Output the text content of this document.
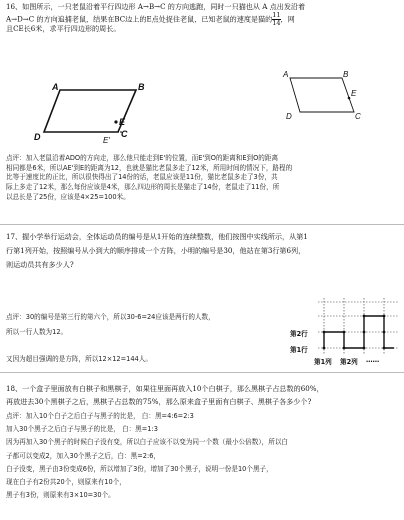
16、如图所示，一只老鼠沿着平行四边形 A→B→C 的方向逃跑，同时一只猫也从 A 点出发沿着
A→D→C 的方向追捕老鼠，结果在BC边上的E点处捉住老鼠，已知老鼠的速度是猫的 $\frac{11}{14}$ ，网
且CE长6米，求平行四边形的周长。

A	B
E
C
D	E'
A	B
E
D	C

点评：加入老鼠沿着ADO的方向走，那么他只能走到E'的位置，而E'到O的距离和E到O的距离
相同都是6米，所以AE'到E的距离为12，也就是猫比老鼠多走了12米，所用时间的情况下，路程的
比等于速度比的正比，所以很快得出了14份的话，老鼠应该是11份，猫比老鼠多走了3份，共
际上多走了12米，那么每份应该是4米，那么四边形的周长是猫走了14份，老鼠走了11份，所
以总长是了25份，应该是4×25=100米。

17、握小学举行运动会，全体运动员的编号是从1开始的连续整数，他们按图中实线所示，从第1
行第1列开始，按照编号从小到大的顺序排成一个方阵，小明的编号是30，他站在第3行第6列，
则运动员共有多少人?

点评：30的编号是第三行的第六个，所以30-6=24应该是两行的人数，
所以一行人数为12。
又因为超目强调的是方阵，所以12×12=144人。

第2行
第1行
第1列 第2列 ……

18、一个盒子里面放有白棋子和黑棋子，如果往里面再放入10个白棋子，那么黑棋子占总数的60%，
再放进去30个黑棋子之后，黑棋子占总数的75%，那么原来盒子里面有白棋子、黑棋子各多少个?

点评：加入10个白子之后白子与黑子的比是， 白：黑=4:6=2:3
加入30个黑子之后白子与黑子的比是， 白：黑=1:3
因为再加入30个黑子的时候白子没有变，所以白子应该不以变为同一个数（最小公倍数），所以白
子都可以变成2，加入30个黑子之后，白：黑=2:6，
白子没变，黑子由3份变成6份，所以增加了3份，增加了30个黑子，说明一份是10个黑子，
现在白子有2份共20个，则原来有10个，
黑子有3份，则原来有3×10=30个。
